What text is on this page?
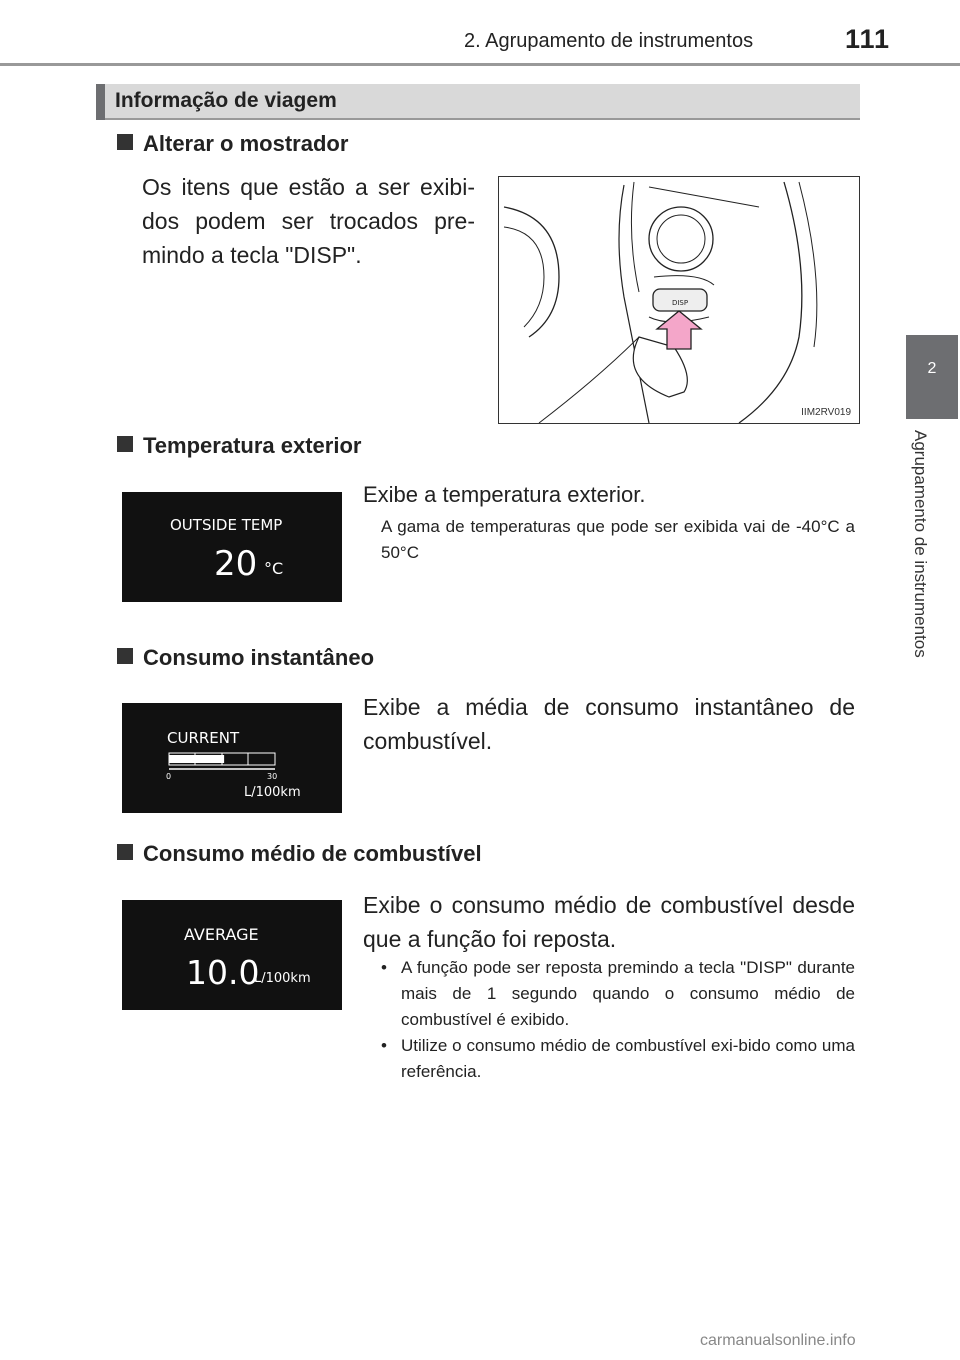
2. Agrupamento de instrumentos	111
2
Agrupamento de instrumentos
Informação de viagem
Alterar o mostrador
Os itens que estão a ser exibi-dos podem ser trocados pre-mindo a tecla "DISP".
DISP
IIM2RV019
Temperatura exterior
OUTSIDE TEMP
20 °C
Exibe a temperatura exterior.
A gama de temperaturas que pode ser exibida vai de -40°C a 50°C
Consumo instantâneo
CURRENT
0	30
L/100km
Exibe a média de consumo instantâneo de combustível.
Consumo médio de combustível
AVERAGE
10.0
L/100km
Exibe o consumo médio de combustível desde que a função foi reposta.
• A função pode ser reposta premindo a tecla "DISP" durante mais de 1 segundo quando o consumo médio de combustível é exibido.
• Utilize o consumo médio de combustível exi-bido como uma referência.
carmanualsonline.info
